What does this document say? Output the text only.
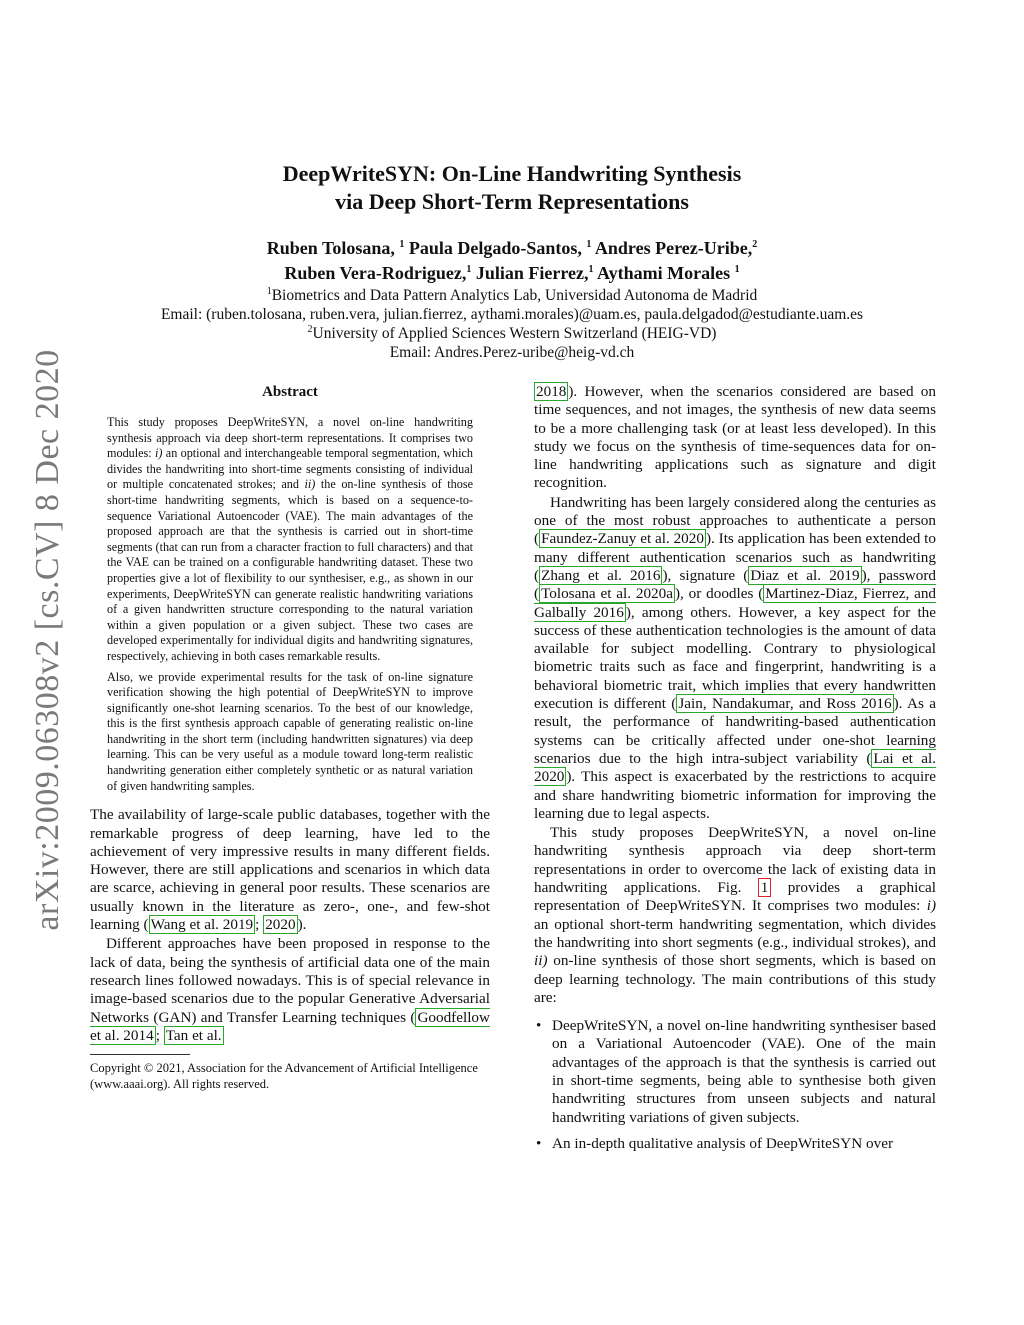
arXiv:2009.06308v2 [cs.CV] 8 Dec 2020
DeepWriteSYN: On-Line Handwriting Synthesis
via Deep Short-Term Representations
Ruben Tolosana, $^1$ Paula Delgado-Santos, $^1$ Andres Perez-Uribe,$^2$
Ruben Vera-Rodriguez,$^1$ Julian Fierrez,$^1$ Aythami Morales $^1$
$^1$Biometrics and Data Pattern Analytics Lab, Universidad Autonoma de Madrid
Email: (ruben.tolosana, ruben.vera, julian.fierrez, aythami.morales)@uam.es, paula.delgadod@estudiante.uam.es
$^2$University of Applied Sciences Western Switzerland (HEIG-VD)
Email: Andres.Perez-uribe@heig-vd.ch
Abstract

This study proposes DeepWriteSYN, a novel on-line handwriting synthesis approach via deep short-term representations. It comprises two modules: i) an optional and interchangeable temporal segmentation, which divides the handwriting into short-time segments consisting of individual or multiple concatenated strokes; and ii) the on-line synthesis of those short-time handwriting segments, which is based on a sequence-to-sequence Variational Autoencoder (VAE). The main advantages of the proposed approach are that the synthesis is carried out in short-time segments (that can run from a character fraction to full characters) and that the VAE can be trained on a configurable handwriting dataset. These two properties give a lot of flexibility to our synthesiser, e.g., as shown in our experiments, DeepWriteSYN can generate realistic handwriting variations of a given handwritten structure corresponding to the natural variation within a given population or a given subject. These two cases are developed experimentally for individual digits and handwriting signatures, respectively, achieving in both cases remarkable results.

Also, we provide experimental results for the task of on-line signature verification showing the high potential of DeepWriteSYN to improve significantly one-shot learning scenarios. To the best of our knowledge, this is the first synthesis approach capable of generating realistic on-line handwriting in the short term (including handwritten signatures) via deep learning. This can be very useful as a module toward long-term realistic handwriting generation either completely synthetic or as natural variation of given handwriting samples.

The availability of large-scale public databases, together with the remarkable progress of deep learning, have led to the achievement of very impressive results in many different fields. However, there are still applications and scenarios in which data are scarce, achieving in general poor results. These scenarios are usually known in the literature as zero-, one-, and few-shot learning ( Wang et al. 2019 ; 2020 ).

Different approaches have been proposed in response to the lack of data, being the synthesis of artificial data one of the main research lines followed nowadays. This is of special relevance in image-based scenarios due to the popular Generative Adversarial Networks (GAN) and Transfer Learning techniques ( Goodfellow et al. 2014 ; Tan et al.

Copyright © 2021, Association for the Advancement of Artificial Intelligence (www.aaai.org). All rights reserved.

2018 ). However, when the scenarios considered are based on time sequences, and not images, the synthesis of new data seems to be a more challenging task (or at least less developed). In this study we focus on the synthesis of time-sequences data for on-line handwriting applications such as signature and digit recognition.

Handwriting has been largely considered along the centuries as one of the most robust approaches to authenticate a person ( Faundez-Zanuy et al. 2020 ). Its application has been extended to many different authentication scenarios such as handwriting ( Zhang et al. 2016 ), signature ( Diaz et al. 2019 ), password ( Tolosana et al. 2020a ), or doodles ( Martinez-Diaz, Fierrez, and Galbally 2016 ), among others. However, a key aspect for the success of these authentication technologies is the amount of data available for subject modelling. Contrary to physiological biometric traits such as face and fingerprint, handwriting is a behavioral biometric trait, which implies that every handwritten execution is different ( Jain, Nandakumar, and Ross 2016 ). As a result, the performance of handwriting-based authentication systems can be critically affected under one-shot learning scenarios due to the high intra-subject variability ( Lai et al. 2020 ). This aspect is exacerbated by the restrictions to acquire and share handwriting biometric information for improving the learning due to legal aspects.

This study proposes DeepWriteSYN, a novel on-line handwriting synthesis approach via deep short-term representations in order to overcome the lack of existing data in handwriting applications. Fig. 1 provides a graphical representation of DeepWriteSYN. It comprises two modules: i) an optional short-term handwriting segmentation, which divides the handwriting into short segments (e.g., individual strokes), and ii) on-line synthesis of those short segments, which is based on deep learning technology. The main contributions of this study are:

• DeepWriteSYN, a novel on-line handwriting synthesiser based on a Variational Autoencoder (VAE). One of the main advantages of the approach is that the synthesis is carried out in short-time segments, being able to synthesise both given handwriting structures from unseen subjects and natural handwriting variations of given subjects.
• An in-depth qualitative analysis of DeepWriteSYN over
